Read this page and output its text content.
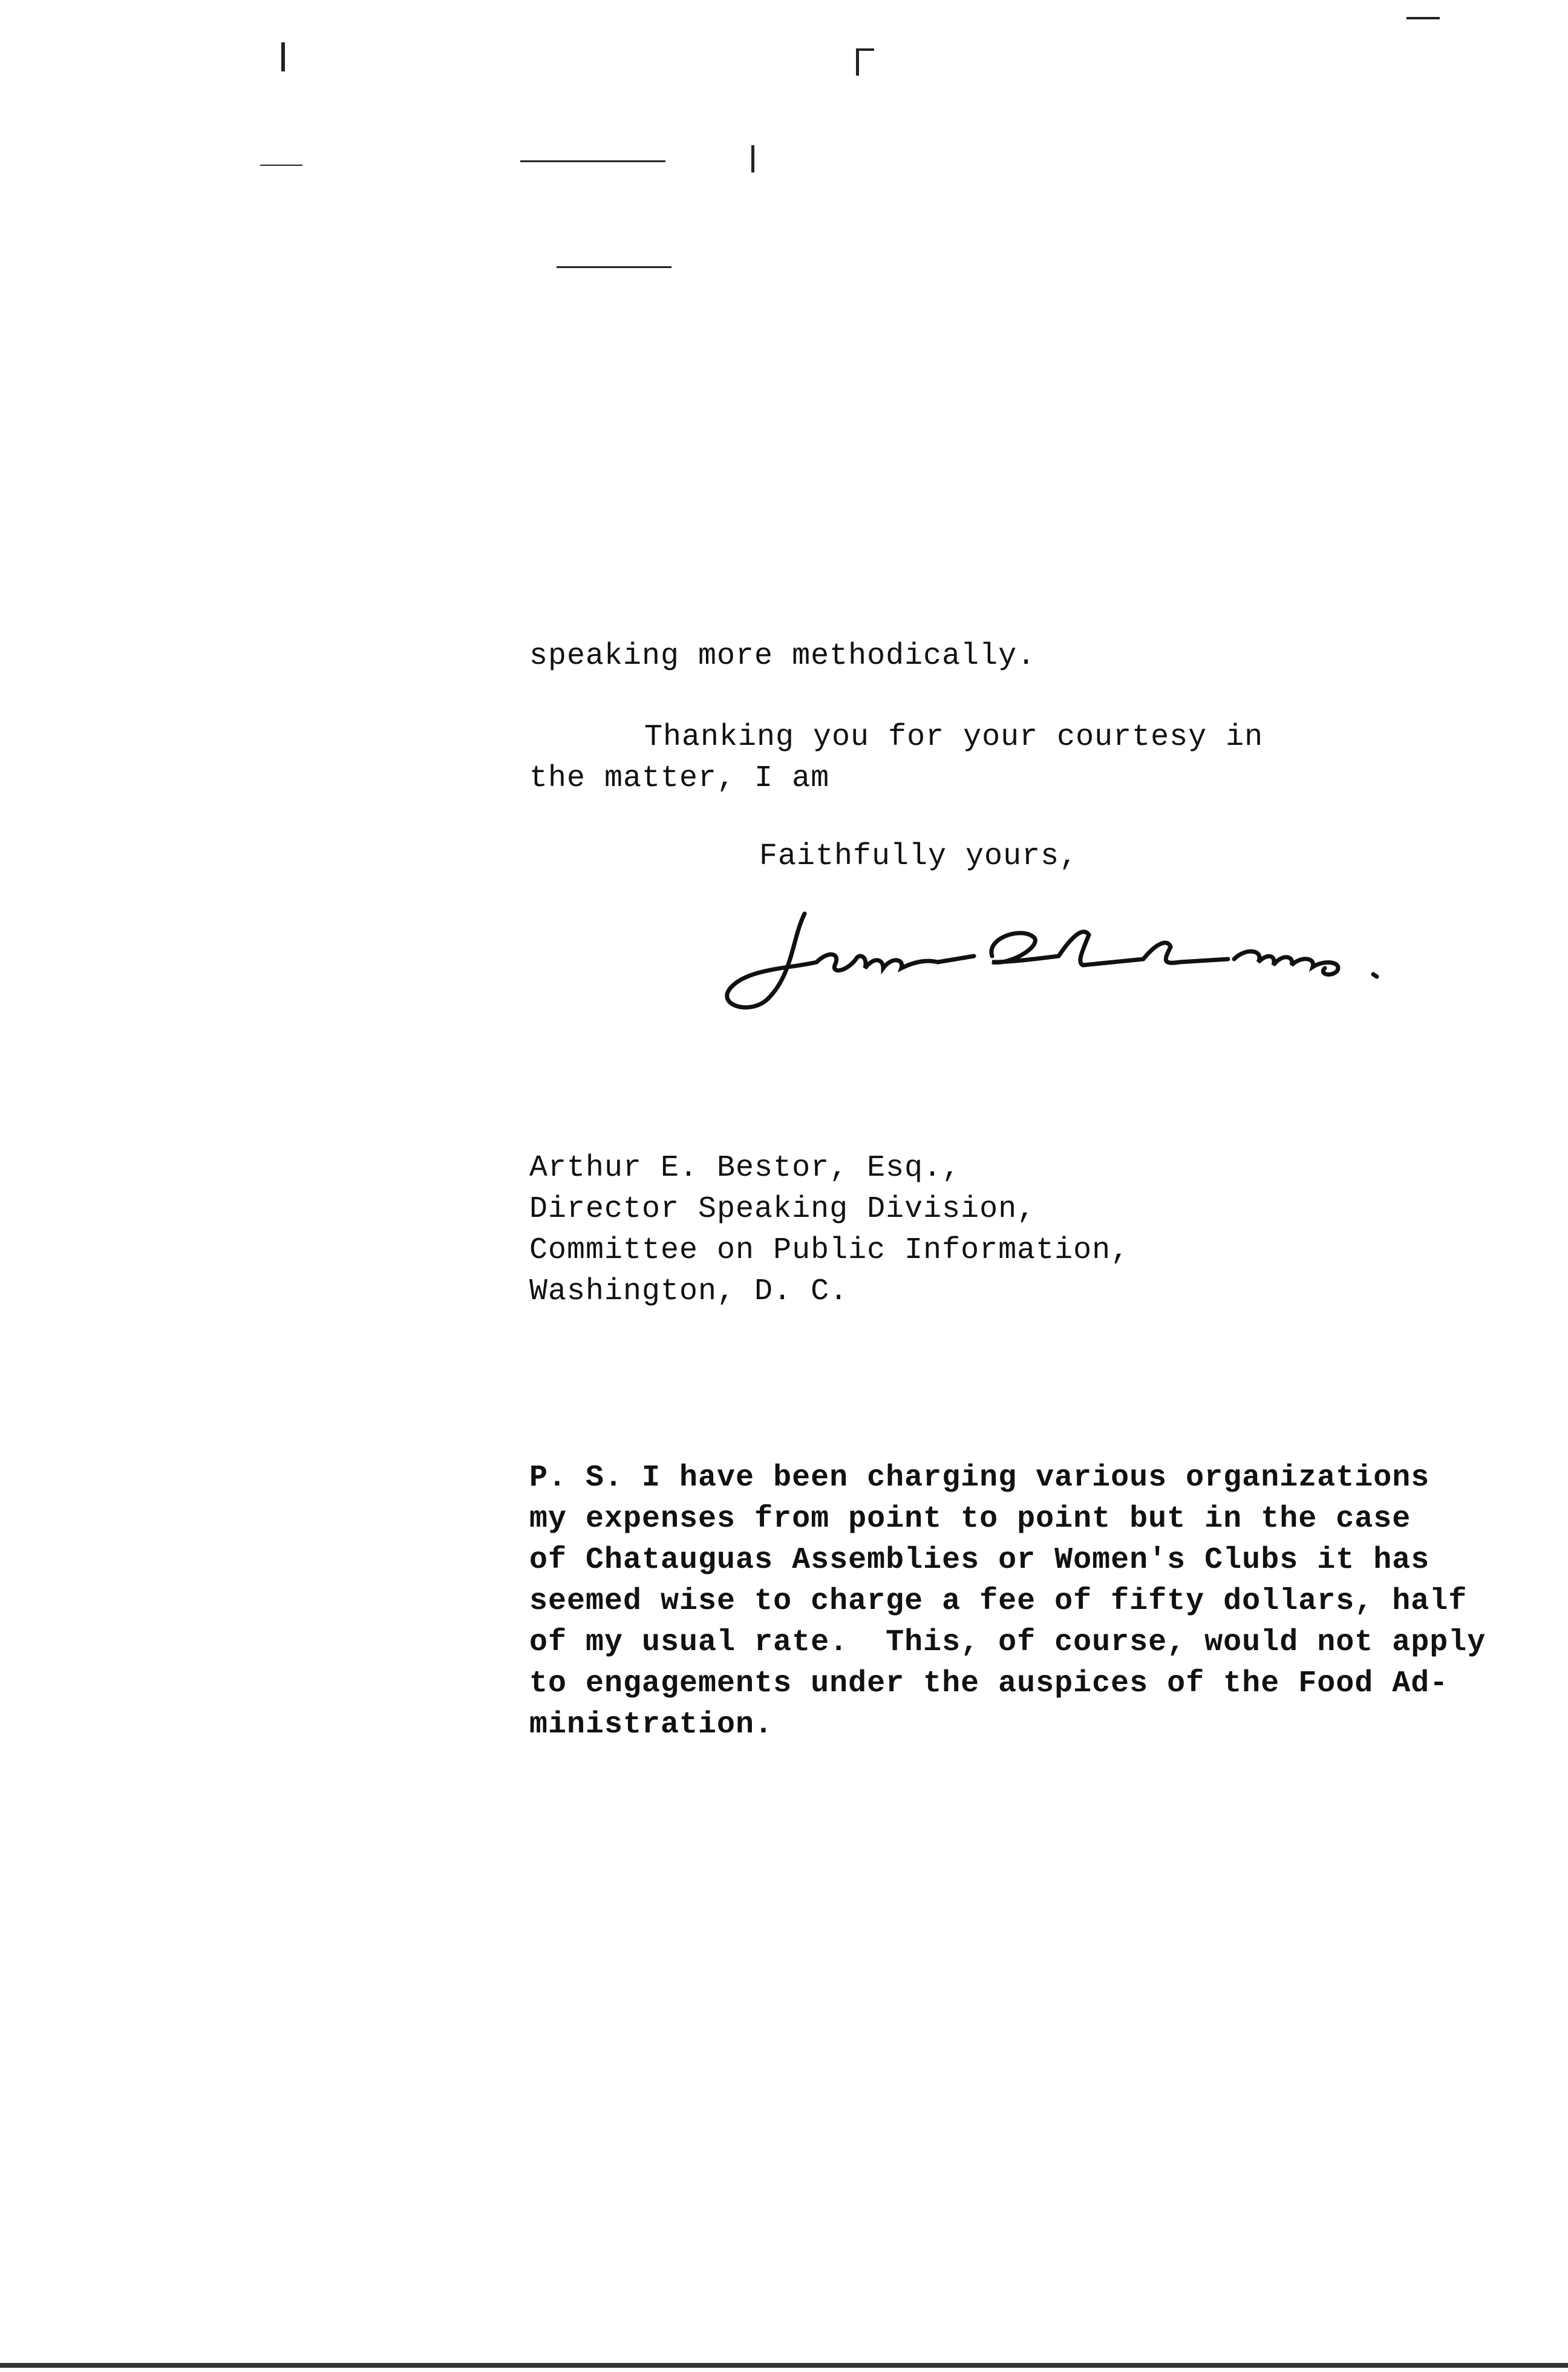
speaking more methodically.
Thanking you for your courtesy in
the matter, I am
Faithfully yours,
Arthur E. Bestor, Esq.,
Director Speaking Division,
Committee on Public Information,
Washington, D. C.
P. S. I have been charging various organizations
my expenses from point to point but in the case
of Chatauguas Assemblies or Women's Clubs it has
seemed wise to charge a fee of fifty dollars, half
of my usual rate.  This, of course, would not apply
to engagements under the auspices of the Food Ad-
ministration.
